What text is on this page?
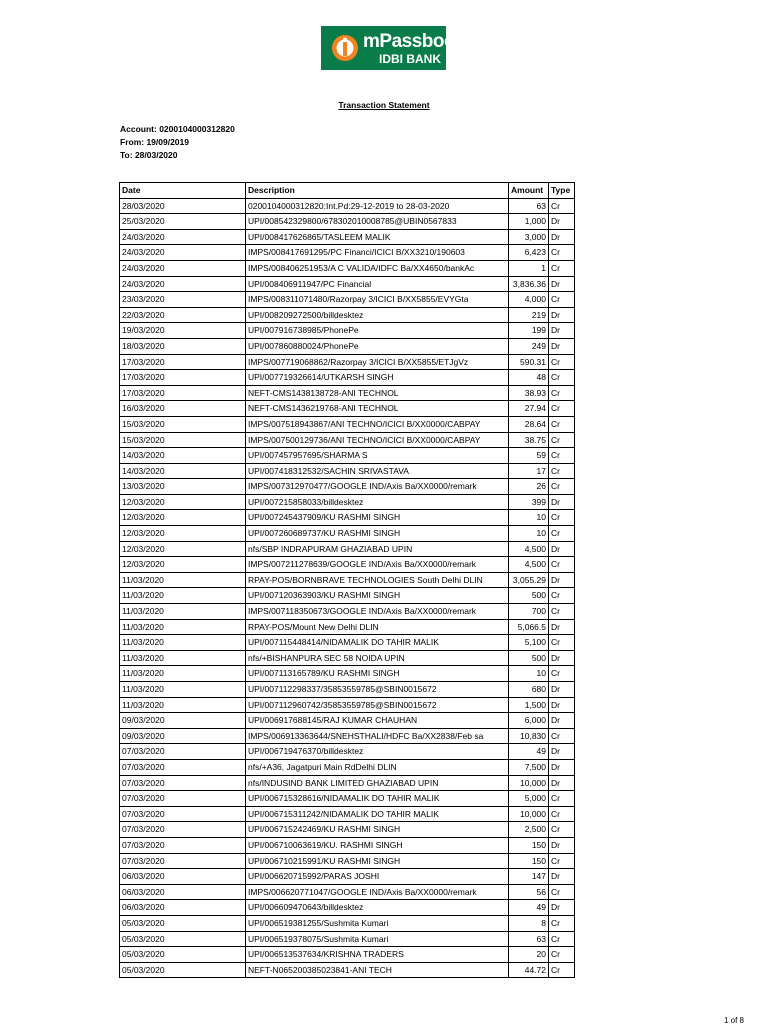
mPassbook
IDBI BANK
Transaction Statement
Account: 0200104000312820
From: 19/09/2019
To: 28/03/2020
Date	Description	Amount	Type
28/03/2020	0200104000312820:Int.Pd:29-12-2019 to 28-03-2020	63	Cr
25/03/2020	UPI/008542329800/678302010008785@UBIN0567833	1,000	Dr
24/03/2020	UPI/008417626865/TASLEEM MALIK	3,000	Dr
24/03/2020	IMPS/008417691295/PC Financi/ICICI B/XX3210/190603	6,423	Cr
24/03/2020	IMPS/008406251953/A C VALIDA/IDFC Ba/XX4650/bankAc	1	Cr
24/03/2020	UPI/008406911947/PC Financial	3,836.36	Dr
23/03/2020	IMPS/008311071480/Razorpay 3/ICICI B/XX5855/EVYGta	4,000	Cr
22/03/2020	UPI/008209272500/billdesktez	219	Dr
19/03/2020	UPI/007916738985/PhonePe	199	Dr
18/03/2020	UPI/007860880024/PhonePe	249	Dr
17/03/2020	IMPS/007719068862/Razorpay 3/ICICI B/XX5855/ETJgVz	590.31	Cr
17/03/2020	UPI/007719326614/UTKARSH SINGH	48	Cr
17/03/2020	NEFT-CMS1438138728-ANI TECHNOL	38.93	Cr
16/03/2020	NEFT-CMS1436219768-ANI TECHNOL	27.94	Cr
15/03/2020	IMPS/007518943867/ANI TECHNO/ICICI B/XX0000/CABPAY	28.64	Cr
15/03/2020	IMPS/007500129736/ANI TECHNO/ICICI B/XX0000/CABPAY	38.75	Cr
14/03/2020	UPI/007457957695/SHARMA S	59	Cr
14/03/2020	UPI/007418312532/SACHIN SRIVASTAVA	17	Cr
13/03/2020	IMPS/007312970477/GOOGLE IND/Axis Ba/XX0000/remark	26	Cr
12/03/2020	UPI/007215858033/billdesktez	399	Dr
12/03/2020	UPI/007245437909/KU RASHMI SINGH	10	Cr
12/03/2020	UPI/007260689737/KU RASHMI SINGH	10	Cr
12/03/2020	nfs/SBP INDRAPURAM GHAZIABAD UPIN	4,500	Dr
12/03/2020	IMPS/007211278639/GOOGLE IND/Axis Ba/XX0000/remark	4,500	Cr
11/03/2020	RPAY-POS/BORNBRAVE TECHNOLOGIES South Delhi DLIN	3,055.29	Dr
11/03/2020	UPI/007120363903/KU RASHMI SINGH	500	Cr
11/03/2020	IMPS/007118350673/GOOGLE IND/Axis Ba/XX0000/remark	700	Cr
11/03/2020	RPAY-POS/Mount New Delhi DLIN	5,066.5	Dr
11/03/2020	UPI/007115448414/NIDAMALIK DO TAHIR MALIK	5,100	Cr
11/03/2020	nfs/+BISHANPURA SEC 58 NOIDA UPIN	500	Dr
11/03/2020	UPI/007113165789/KU RASHMI SINGH	10	Cr
11/03/2020	UPI/007112298337/35853559785@SBIN0015672	680	Dr
11/03/2020	UPI/007112960742/35853559785@SBIN0015672	1,500	Dr
09/03/2020	UPI/006917688145/RAJ KUMAR CHAUHAN	6,000	Dr
09/03/2020	IMPS/006913363644/SNEHSTHALI/HDFC Ba/XX2838/Feb sa	10,830	Cr
07/03/2020	UPI/006719476370/billdesktez	49	Dr
07/03/2020	nfs/+A36, Jagatpuri Main RdDelhi DLIN	7,500	Dr
07/03/2020	nfs/INDUSIND BANK LIMITED GHAZIABAD UPIN	10,000	Dr
07/03/2020	UPI/006715328616/NIDAMALIK DO TAHIR MALIK	5,000	Cr
07/03/2020	UPI/006715311242/NIDAMALIK DO TAHIR MALIK	10,000	Cr
07/03/2020	UPI/006715242469/KU RASHMI SINGH	2,500	Cr
07/03/2020	UPI/006710063619/KU. RASHMI SINGH	150	Dr
07/03/2020	UPI/006710215991/KU RASHMI SINGH	150	Cr
06/03/2020	UPI/006620715992/PARAS JOSHI	147	Dr
06/03/2020	IMPS/006620771047/GOOGLE IND/Axis Ba/XX0000/remark	56	Cr
06/03/2020	UPI/006609470643/billdesktez	49	Dr
05/03/2020	UPI/006519381255/Sushmita Kumari	8	Cr
05/03/2020	UPI/006519378075/Sushmita Kumari	63	Cr
05/03/2020	UPI/006513537634/KRISHNA TRADERS	20	Cr
05/03/2020	NEFT-N065200385023841-ANI TECH	44.72	Cr
1 of 8
